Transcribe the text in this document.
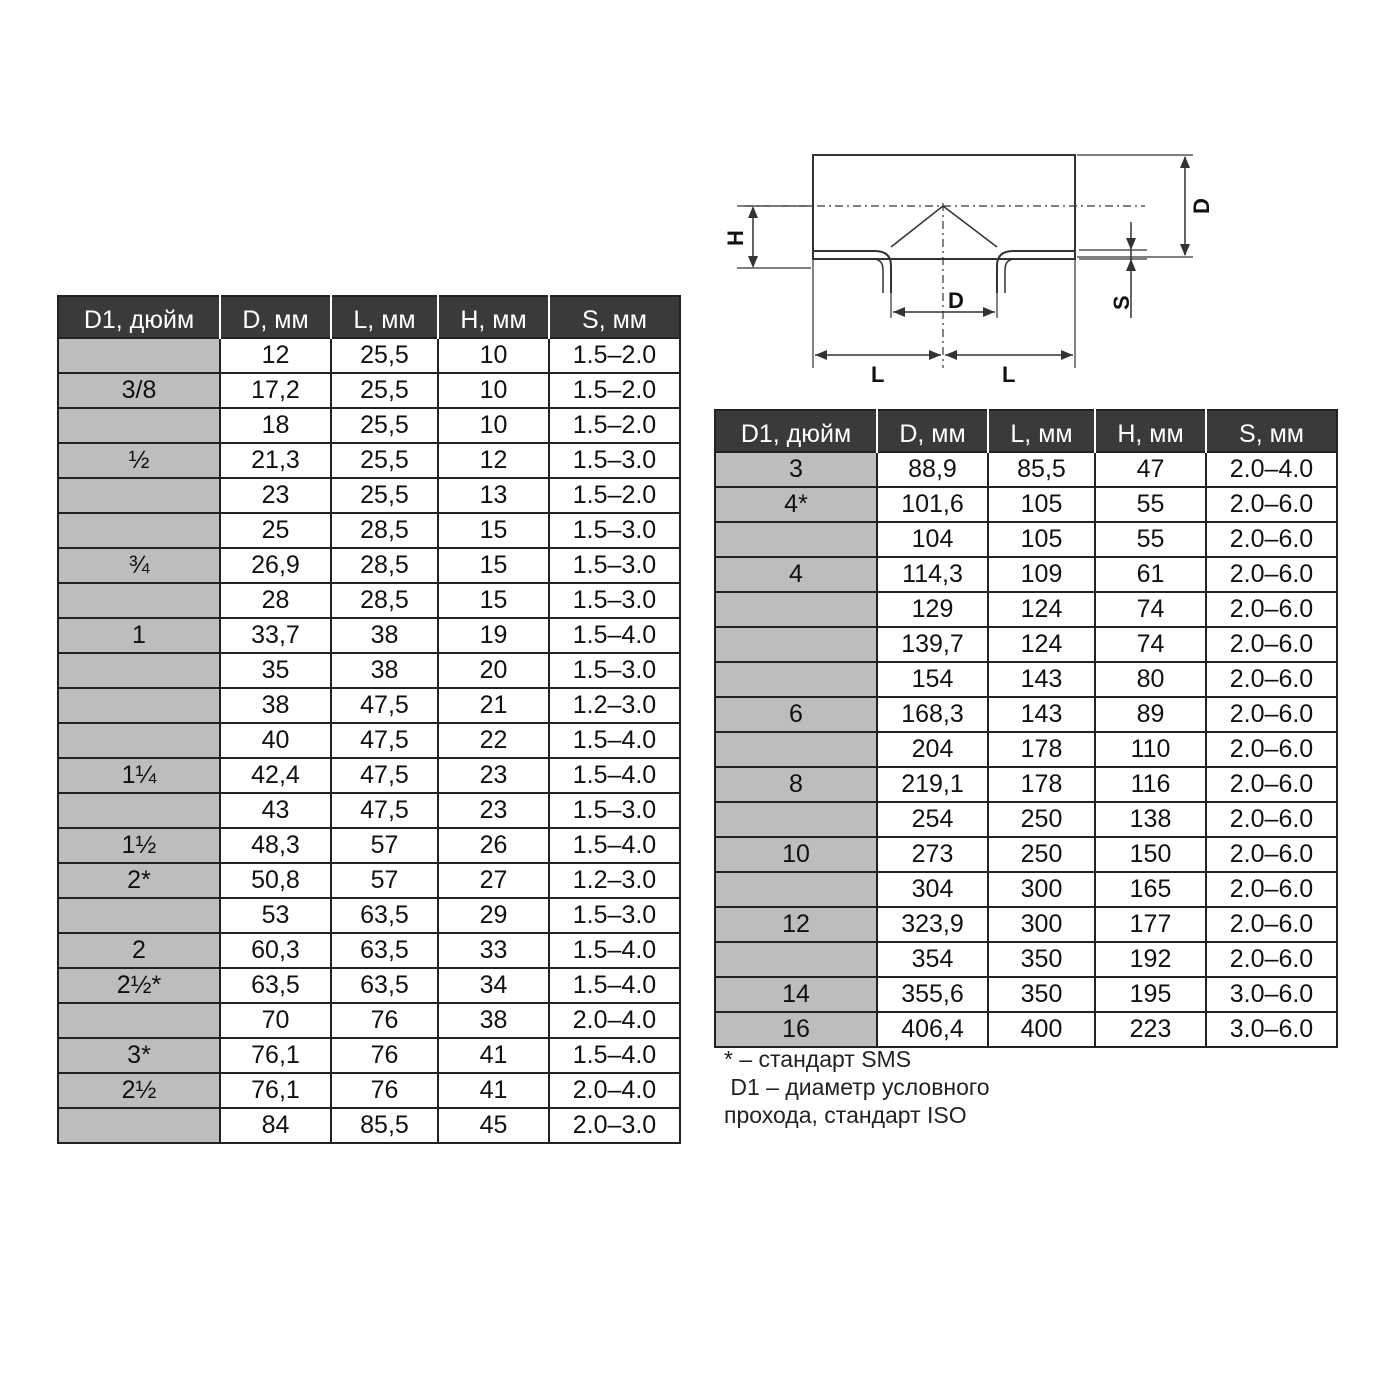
H
D
S
D
L	L
D1, дюйм	D, мм	L, мм	H, мм	S, мм
	12	25,5	10	1.5–2.0
3/8	17,2	25,5	10	1.5–2.0
	18	25,5	10	1.5–2.0
½	21,3	25,5	12	1.5–3.0
	23	25,5	13	1.5–2.0
	25	28,5	15	1.5–3.0
¾	26,9	28,5	15	1.5–3.0
	28	28,5	15	1.5–3.0
1	33,7	38	19	1.5–4.0
	35	38	20	1.5–3.0
	38	47,5	21	1.2–3.0
	40	47,5	22	1.5–4.0
1¼	42,4	47,5	23	1.5–4.0
	43	47,5	23	1.5–3.0
1½	48,3	57	26	1.5–4.0
2*	50,8	57	27	1.2–3.0
	53	63,5	29	1.5–3.0
2	60,3	63,5	33	1.5–4.0
2½*	63,5	63,5	34	1.5–4.0
	70	76	38	2.0–4.0
3*	76,1	76	41	1.5–4.0
2½	76,1	76	41	2.0–4.0
	84	85,5	45	2.0–3.0
D1, дюйм	D, мм	L, мм	H, мм	S, мм
3	88,9	85,5	47	2.0–4.0
4*	101,6	105	55	2.0–6.0
	104	105	55	2.0–6.0
4	114,3	109	61	2.0–6.0
	129	124	74	2.0–6.0
	139,7	124	74	2.0–6.0
	154	143	80	2.0–6.0
6	168,3	143	89	2.0–6.0
	204	178	110	2.0–6.0
8	219,1	178	116	2.0–6.0
	254	250	138	2.0–6.0
10	273	250	150	2.0–6.0
	304	300	165	2.0–6.0
12	323,9	300	177	2.0–6.0
	354	350	192	2.0–6.0
14	355,6	350	195	3.0–6.0
16	406,4	400	223	3.0–6.0
* – стандарт SMS
D1 – диаметр условного
прохода, стандарт ISO
